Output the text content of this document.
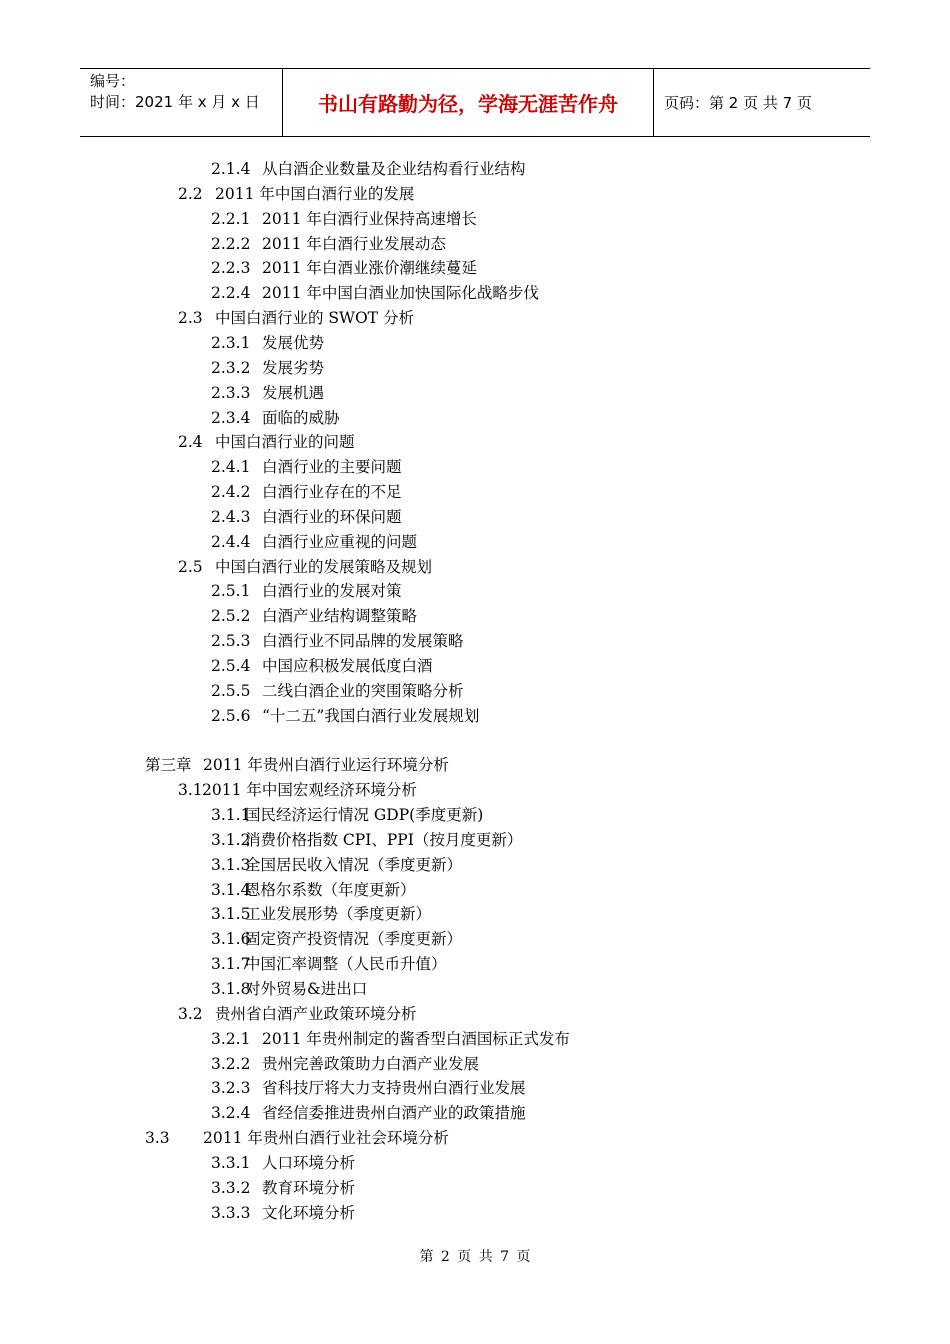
编号：
时间：2021 年 x 月 x 日	书山有路勤为径，学海无涯苦作舟	页码：第 2 页 共 7 页
2.1.4 从白酒企业数量及企业结构看行业结构
2.2 2011 年中国白酒行业的发展
2.2.1 2011 年白酒行业保持高速增长
2.2.2 2011 年白酒行业发展动态
2.2.3 2011 年白酒业涨价潮继续蔓延
2.2.4 2011 年中国白酒业加快国际化战略步伐
2.3 中国白酒行业的 SWOT 分析
2.3.1 发展优势
2.3.2 发展劣势
2.3.3 发展机遇
2.3.4 面临的威胁
2.4 中国白酒行业的问题
2.4.1 白酒行业的主要问题
2.4.2 白酒行业存在的不足
2.4.3 白酒行业的环保问题
2.4.4 白酒行业应重视的问题
2.5 中国白酒行业的发展策略及规划
2.5.1 白酒行业的发展对策
2.5.2 白酒产业结构调整策略
2.5.3 白酒行业不同品牌的发展策略
2.5.4 中国应积极发展低度白酒
2.5.5 二线白酒企业的突围策略分析
2.5.6 “十二五”我国白酒行业发展规划
第三章 2011 年贵州白酒行业运行环境分析
3.1 2011 年中国宏观经济环境分析
3.1.1
国民经济运行情况 GDP(季度更新)
3.1.2
消费价格指数 CPI、PPI（按月度更新）
3.1.3
全国居民收入情况（季度更新）
3.1.4
恩格尔系数（年度更新）
3.1.5
工业发展形势（季度更新）
3.1.6
固定资产投资情况（季度更新）
3.1.7
中国汇率调整（人民币升值）
3.1.8
对外贸易&进出口
3.2 贵州省白酒产业政策环境分析
3.2.1 2011 年贵州制定的酱香型白酒国标正式发布
3.2.2 贵州完善政策助力白酒产业发展
3.2.3 省科技厅将大力支持贵州白酒行业发展
3.2.4 省经信委推进贵州白酒产业的政策措施
3.3 2011 年贵州白酒行业社会环境分析
3.3.1 人口环境分析
3.3.2 教育环境分析
3.3.3 文化环境分析
第 2 页 共 7 页
